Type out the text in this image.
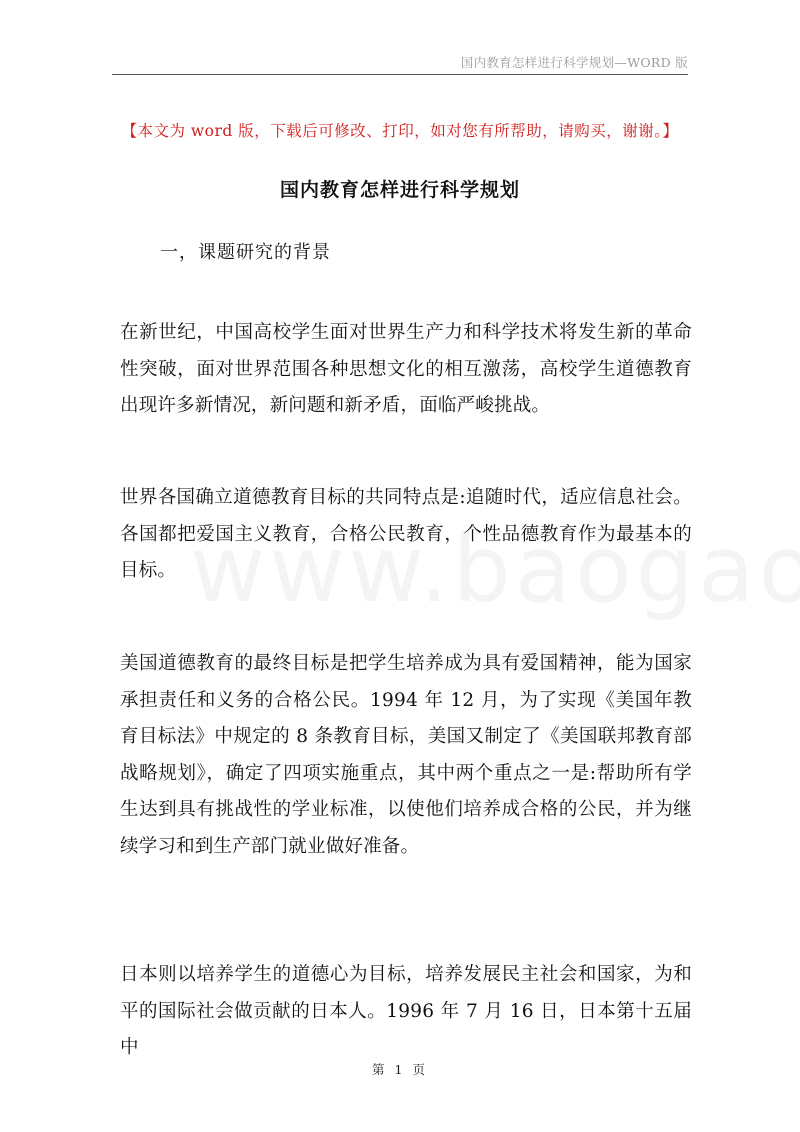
国内教育怎样进行科学规划—WORD 版
【本文为 word 版，下载后可修改、打印，如对您有所帮助，请购买，谢谢。】
国内教育怎样进行科学规划
一，课题研究的背景

在新世纪，中国高校学生面对世界生产力和科学技术将发生新的革命性突破，面对世界范围各种思想文化的相互激荡，高校学生道德教育出现许多新情况，新问题和新矛盾，面临严峻挑战。

世界各国确立道德教育目标的共同特点是:追随时代，适应信息社会。各国都把爱国主义教育，合格公民教育，个性品德教育作为最基本的目标。

美国道德教育的最终目标是把学生培养成为具有爱国精神，能为国家承担责任和义务的合格公民。1994 年 12 月，为了实现《美国年教育目标法》中规定的 8 条教育目标，美国又制定了《美国联邦教育部战略规划》，确定了四项实施重点，其中两个重点之一是:帮助所有学生达到具有挑战性的学业标准，以使他们培养成合格的公民，并为继续学习和到生产部门就业做好准备。

日本则以培养学生的道德心为目标，培养发展民主社会和国家，为和平的国际社会做贡献的日本人。1996 年 7 月 16 日，日本第十五届中

第 1 页
